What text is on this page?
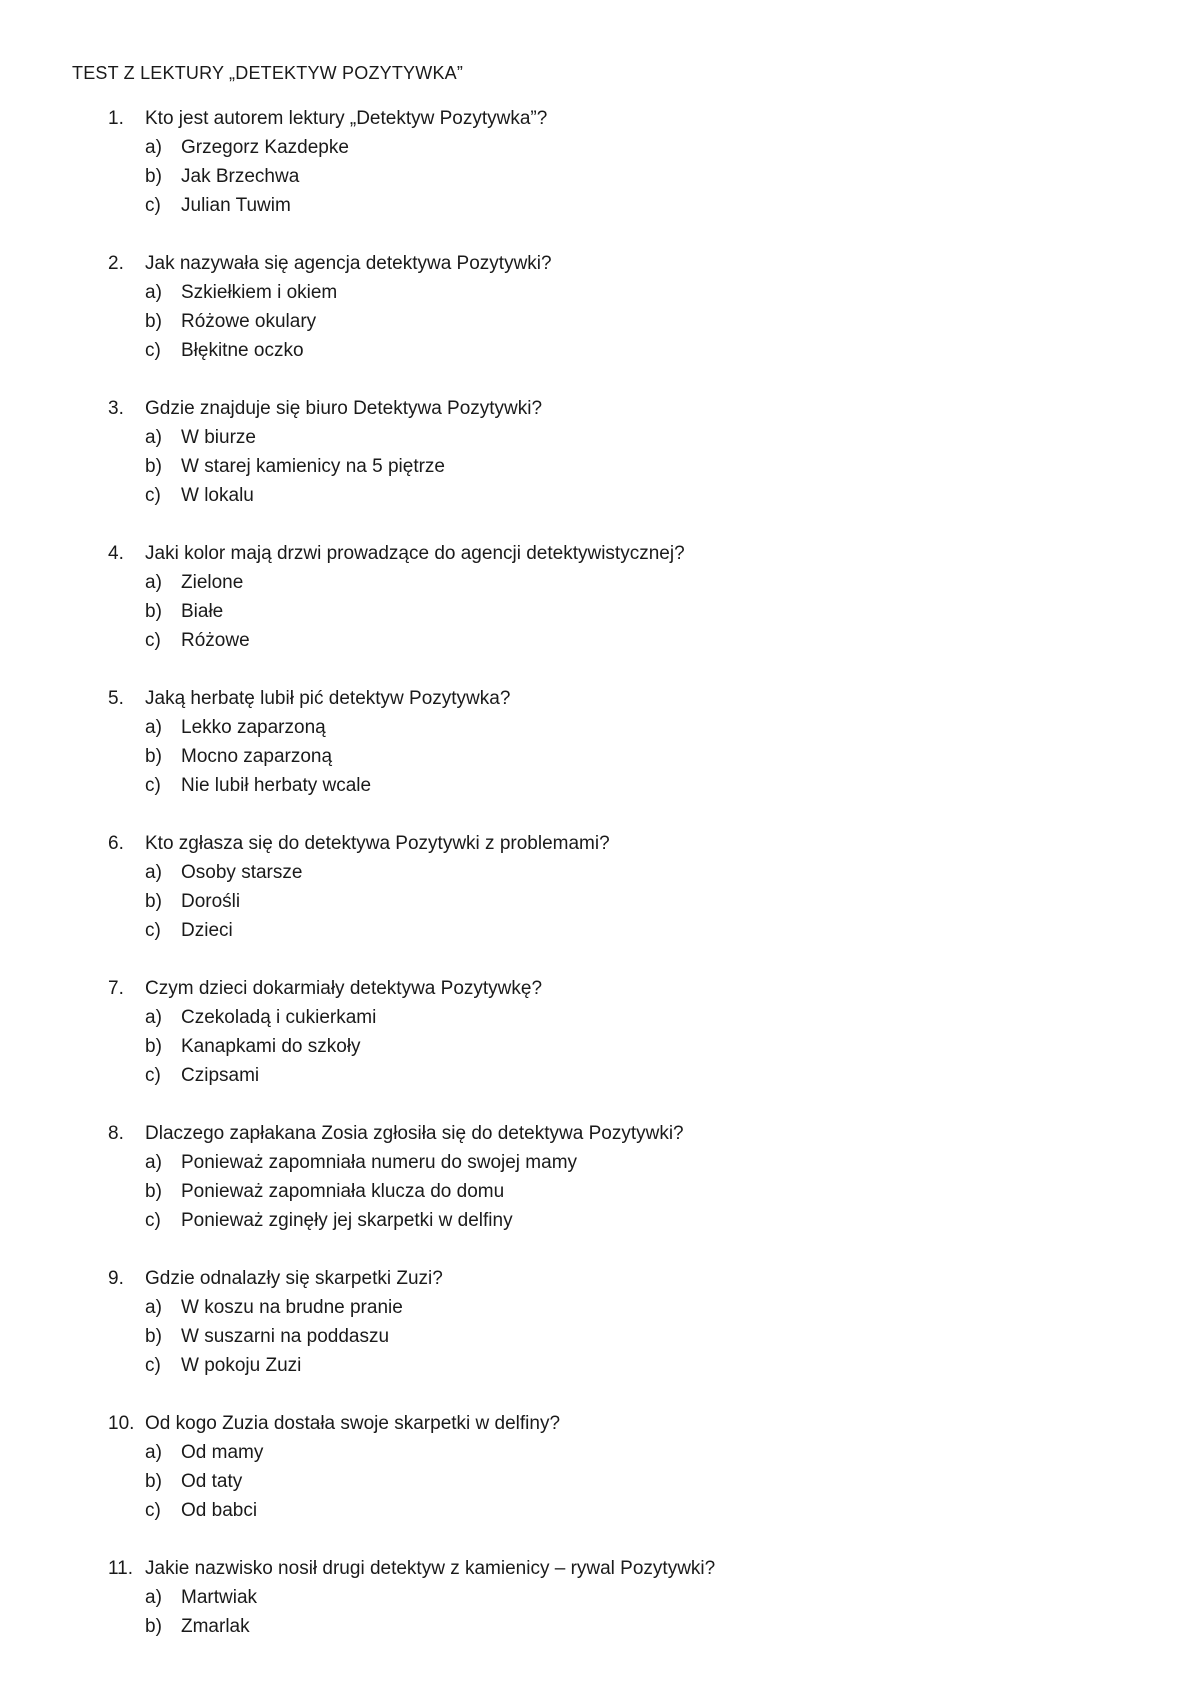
TEST Z LEKTURY „DETEKTYW POZYTYWKA”
1.	Kto jest autorem lektury „Detektyw Pozytywka”?
a) Grzegorz Kazdepke
b) Jak Brzechwa
c) Julian Tuwim
2.	Jak nazywała się agencja detektywa Pozytywki?
a) Szkiełkiem i okiem
b) Różowe okulary
c) Błękitne oczko
3.	Gdzie znajduje się biuro Detektywa Pozytywki?
a) W biurze
b) W starej kamienicy na 5 piętrze
c) W lokalu
4.	Jaki kolor mają drzwi prowadzące do agencji detektywistycznej?
a) Zielone
b) Białe
c) Różowe
5.	Jaką herbatę lubił pić detektyw Pozytywka?
a) Lekko zaparzoną
b) Mocno zaparzoną
c) Nie lubił herbaty wcale
6.	Kto zgłasza się do detektywa Pozytywki z problemami?
a) Osoby starsze
b) Dorośli
c) Dzieci
7.	Czym dzieci dokarmiały detektywa Pozytywkę?
a) Czekoladą i cukierkami
b) Kanapkami do szkoły
c) Czipsami
8.	Dlaczego zapłakana Zosia zgłosiła się do detektywa Pozytywki?
a) Ponieważ zapomniała numeru do swojej mamy
b) Ponieważ zapomniała klucza do domu
c) Ponieważ zginęły jej skarpetki w delfiny
9.	Gdzie odnalazły się skarpetki Zuzi?
a) W koszu na brudne pranie
b) W suszarni na poddaszu
c) W pokoju Zuzi
10. Od kogo Zuzia dostała swoje skarpetki w delfiny?
a) Od mamy
b) Od taty
c) Od babci
11. Jakie nazwisko nosił drugi detektyw z kamienicy – rywal Pozytywki?
a) Martwiak
b) Zmarlak
